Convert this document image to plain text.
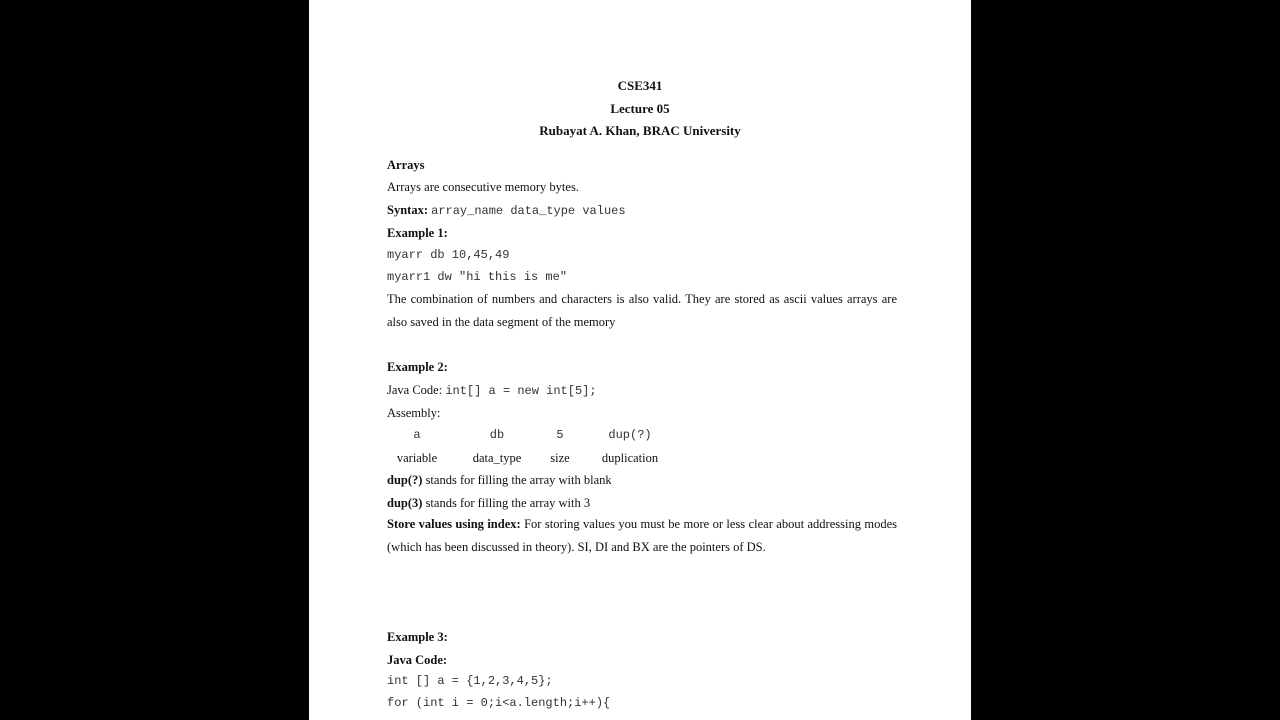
CSE341
Lecture 05
Rubayat A. Khan, BRAC University
Arrays
Arrays are consecutive memory bytes.
Syntax: array_name data_type values
Example 1:
myarr db 10,45,49
myarr1 dw "hi this is me"
The combination of numbers and characters is also valid. They are stored as ascii values arrays are also saved in the data segment of the memory
Example 2:
Java Code: int[] a = new int[5];
Assembly:
a	db	5	dup(?)
variable	data_type	size	duplication
dup(?) stands for filling the array with blank
dup(3) stands for filling the array with 3
Store values using index: For storing values you must be more or less clear about addressing modes (which has been discussed in theory). SI, DI and BX are the pointers of DS.
Example 3:
Java Code:
int [] a = {1,2,3,4,5};
for (int i = 0;i<a.length;i++){
